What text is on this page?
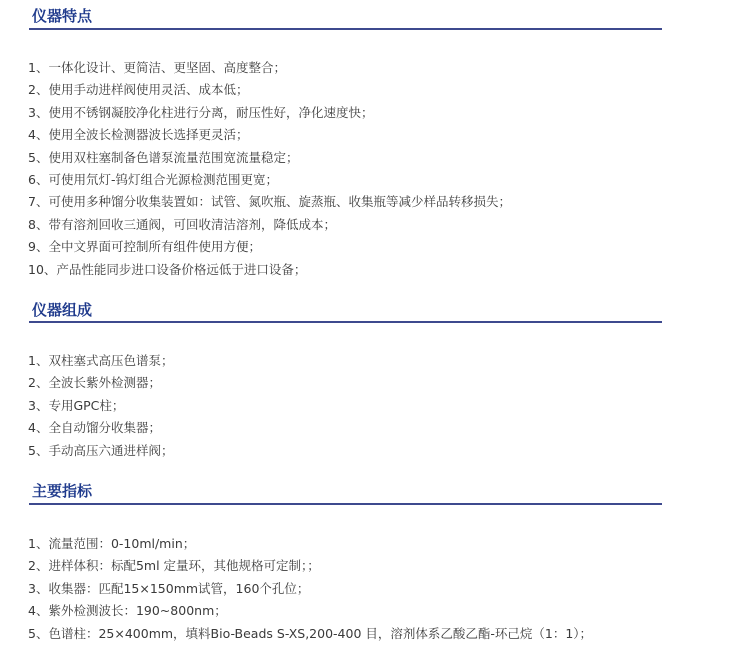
仪器特点
1、一体化设计、更简洁、更坚固、高度整合；
2、使用手动进样阀使用灵活、成本低；
3、使用不锈钢凝胶净化柱进行分离，耐压性好，净化速度快；
4、使用全波长检测器波长选择更灵活；
5、使用双柱塞制备色谱泵流量范围宽流量稳定；
6、可使用氘灯-钨灯组合光源检测范围更宽；
7、可使用多种馏分收集装置如：试管、氮吹瓶、旋蒸瓶、收集瓶等减少样品转移损失；
8、带有溶剂回收三通阀，可回收清洁溶剂，降低成本；
9、全中文界面可控制所有组件使用方便；
10、产品性能同步进口设备价格远低于进口设备；
仪器组成
1、双柱塞式高压色谱泵；
2、全波长紫外检测器；
3、专用GPC柱；
4、全自动馏分收集器；
5、手动高压六通进样阀；
主要指标
1、流量范围：0-10ml/min；
2、进样体积：标配5ml 定量环，其他规格可定制；；
3、收集器：匹配15×150mm试管，160个孔位；
4、紫外检测波长：190~800nm；
5、色谱柱：25×400mm，填料Bio-Beads S-XS,200-400 目，溶剂体系乙酸乙酯-环己烷（1：1）；
